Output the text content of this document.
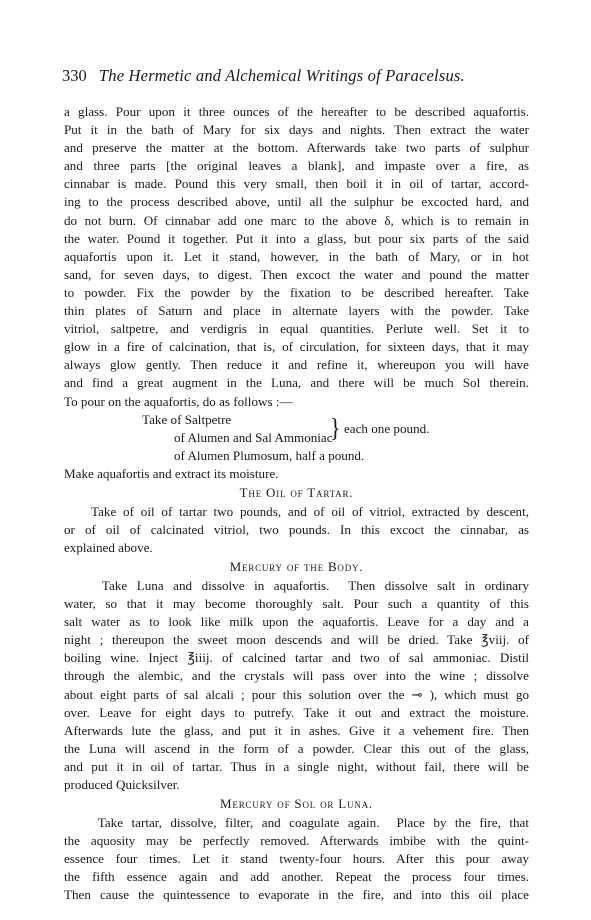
330 The Hermetic and Alchemical Writings of Paracelsus.
a glass. Pour upon it three ounces of the hereafter to be described aquafortis.
Put it in the bath of Mary for six days and nights. Then extract the water
and preserve the matter at the bottom. Afterwards take two parts of sulphur
and three parts [the original leaves a blank], and impaste over a fire, as
cinnabar is made. Pound this very small, then boil it in oil of tartar, accord-
ing to the process described above, until all the sulphur be excocted hard, and
do not burn. Of cinnabar add one marc to the above δ, which is to remain in
the water. Pound it together. Put it into a glass, but pour six parts of the said
aquafortis upon it. Let it stand, however, in the bath of Mary, or in hot
sand, for seven days, to digest. Then excoct the water and pound the matter
to powder. Fix the powder by the fixation to be described hereafter. Take
thin plates of Saturn and place in alternate layers with the powder. Take
vitriol, saltpetre, and verdigris in equal quantities. Perlute well. Set it to
glow in a fire of calcination, that is, of circulation, for sixteen days, that it may
always glow gently. Then reduce it and refine it, whereupon you will have
and find a great augment in the Luna, and there will be much Sol therein.
To pour on the aquafortis, do as follows :—
Take of Saltpetre
of Alumen and Sal Ammoniac
} each one pound.
of Alumen Plumosum, half a pound.
Make aquafortis and extract its moisture.
The Oil of Tartar.
Take of oil of tartar two pounds, and of oil of vitriol, extracted by descent,
or of oil of calcinated vitriol, two pounds. In this excoct the cinnabar, as
explained above.
Mercury of the Body.
Take Luna and dissolve in aquafortis.  Then dissolve salt in ordinary
water, so that it may become thoroughly salt. Pour such a quantity of this
salt water as to look like milk upon the aquafortis. Leave for a day and a
night ; thereupon the sweet moon descends and will be dried. Take ℥viij. of
boiling wine. Inject ℥iiij. of calcined tartar and two of sal ammoniac. Distil
through the alembic, and the crystals will pass over into the wine ; dissolve
about eight parts of sal alcali ; pour this solution over the ⊸ ), which must go
over. Leave for eight days to putrefy. Take it out and extract the moisture.
Afterwards lute the glass, and put it in ashes. Give it a vehement fire. Then
the Luna will ascend in the form of a powder. Clear this out of the glass,
and put it in oil of tartar. Thus in a single night, without fail, there will be
produced Quicksilver.
Mercury of Sol or Luna.
Take tartar, dissolve, filter, and coagulate again.  Place by the fire, that
the aquosity may be perfectly removed. Afterwards imbibe with the quint-
essence four times. Let it stand twenty-four hours. After this pour away
the fifth essence again and add another. Repeat the process four times.
Then cause the quintessence to evaporate in the fire, and into this oil place
